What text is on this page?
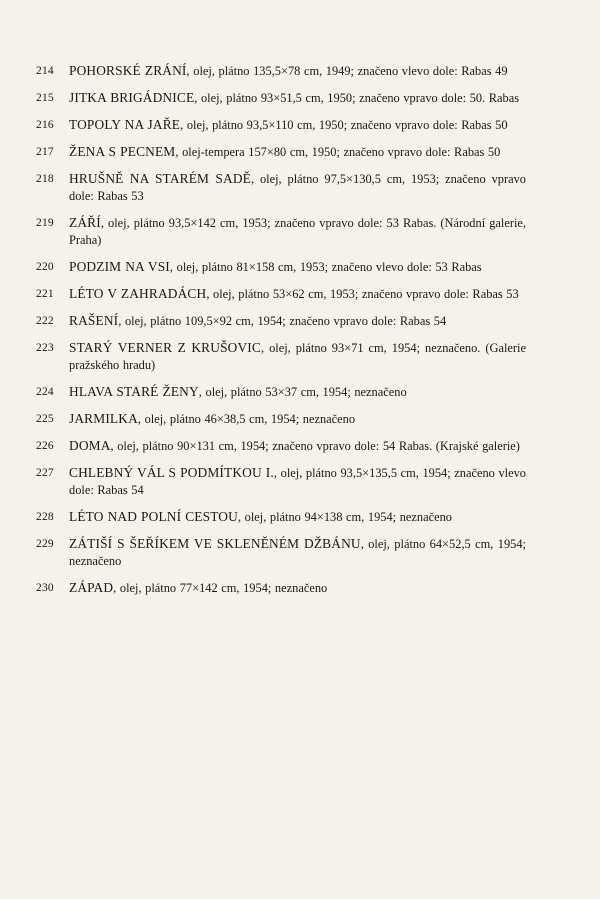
214	POHORSKÉ ZRÁNÍ, olej, plátno 135,5×78 cm, 1949; značeno vlevo dole: Rabas 49
215	JITKA BRIGÁDNICE, olej, plátno 93×51,5 cm, 1950; značeno vpravo dole: 50. Rabas
216	TOPOLY NA JAŘE, olej, plátno 93,5×110 cm, 1950; značeno vpravo dole: Rabas 50
217	ŽENA S PECNEM, olej-tempera 157×80 cm, 1950; značeno vpravo dole: Rabas 50
218	HRUŠNĚ NA STARÉM SADĚ, olej, plátno 97,5×130,5 cm, 1953; značeno vpravo dole: Rabas 53
219	ZÁŘÍ, olej, plátno 93,5×142 cm, 1953; značeno vpravo dole: 53 Rabas. (Národní galerie, Praha)
220	PODZIM NA VSI, olej, plátno 81×158 cm, 1953; značeno vlevo dole: 53 Rabas
221	LÉTO V ZAHRADÁCH, olej, plátno 53×62 cm, 1953; značeno vpravo dole: Rabas 53
222	RAŠENÍ, olej, plátno 109,5×92 cm, 1954; značeno vpravo dole: Rabas 54
223	STARÝ VERNER Z KRUŠOVIC, olej, plátno 93×71 cm, 1954; neznačeno. (Galerie pražského hradu)
224	HLAVA STARÉ ŽENY, olej, plátno 53×37 cm, 1954; neznačeno
225	JARMILKA, olej, plátno 46×38,5 cm, 1954; neznačeno
226	DOMA, olej, plátno 90×131 cm, 1954; značeno vpravo dole: 54 Rabas. (Krajské galerie)
227	CHLEBNÝ VÁL S PODMÍTKOU I., olej, plátno 93,5×135,5 cm, 1954; značeno vlevo dole: Rabas 54
228	LÉTO NAD POLNÍ CESTOU, olej, plátno 94×138 cm, 1954; neznačeno
229	ZÁTIŠÍ S ŠEŘÍKEM VE SKLENĚNÉM DŽBÁNU, olej, plátno 64×52,5 cm, 1954; neznačeno
230	ZÁPAD, olej, plátno 77×142 cm, 1954; neznačeno
